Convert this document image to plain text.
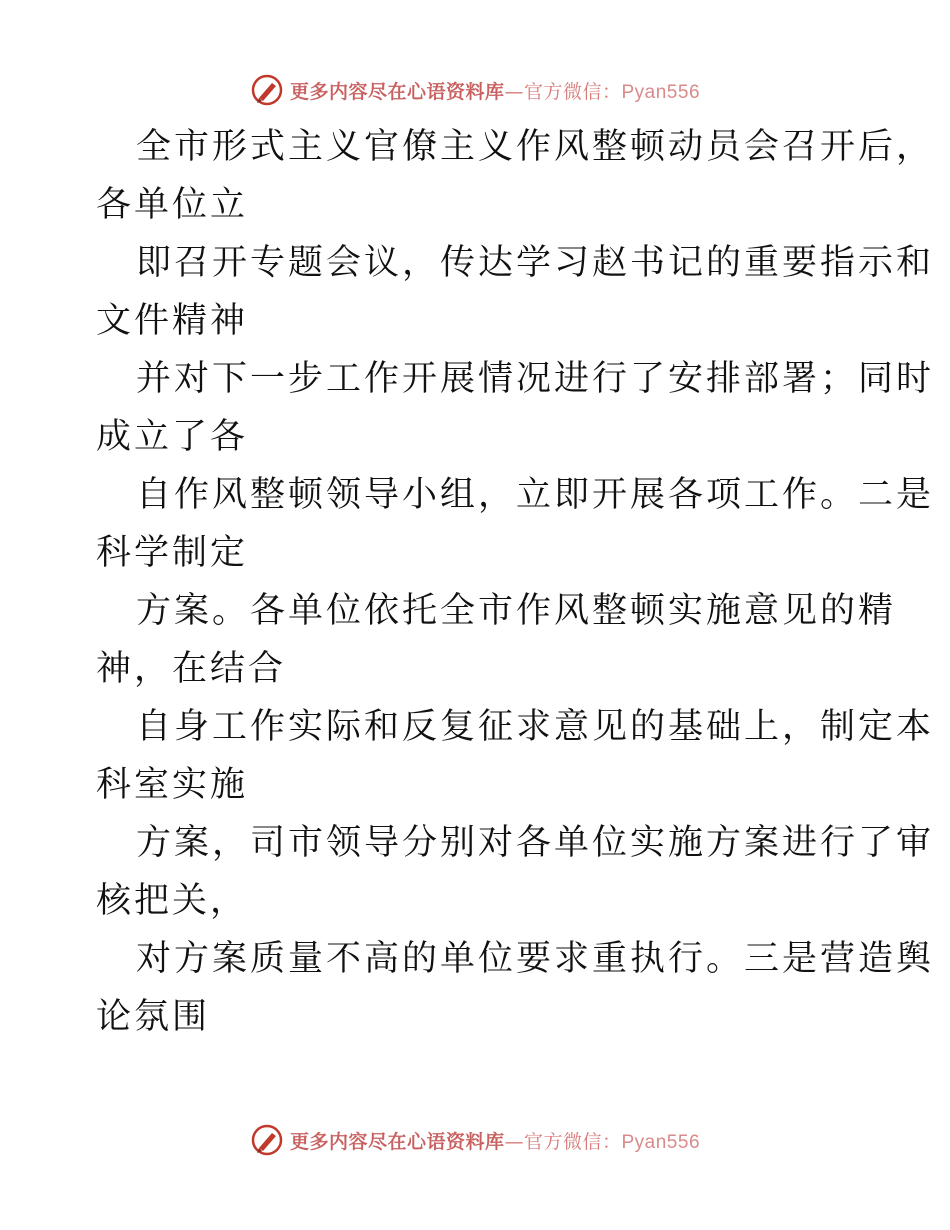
更多内容尽在心语资料库—官方微信：Pyan556

全市形式主义官僚主义作风整顿动员会召开后，
各单位立

即召开专题会议，传达学习赵书记的重要指示和
文件精神

并对下一步工作开展情况进行了安排部署；同时
成立了各

自作风整顿领导小组，立即开展各项工作。二是
科学制定

方案。各单位依托全市作风整顿实施意见的精
神，在结合

自身工作实际和反复征求意见的基础上，制定本
科室实施

方案，司市领导分别对各单位实施方案进行了审
核把关，

对方案质量不高的单位要求重执行。三是营造舆
论氛围

更多内容尽在心语资料库—官方微信：Pyan556
